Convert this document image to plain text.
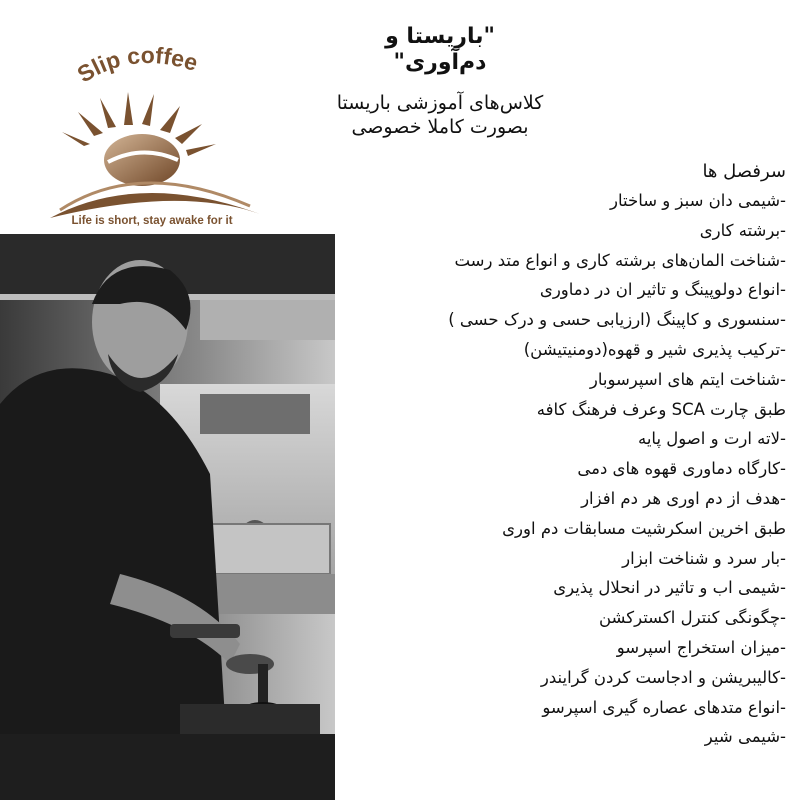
Slip coffee
Life is short, stay awake for it

"باریستا و دم‌آوری"

کلاس‌های آموزشی باریستا

بصورت کاملا خصوصی

سرفصل ها

-شیمی دان سبز و ساختار
-برشته کاری
-شناخت المان‌های برشته کاری و انواع متد رست
-انواع دولوپینگ و تاثیر ان در دماوری
-سنسوری و کاپینگ (ارزیابی حسی و درک حسی )
-ترکیب پذیری شیر و قهوه(دومنیتیشن)
-شناخت ایتم های اسپرسوبار
طبق چارت SCA وعرف فرهنگ کافه
-لاته ارت و اصول پایه
-کارگاه دماوری قهوه های دمی
-هدف از دم اوری هر دم افزار
طبق اخرین اسکرشیت مسابقات دم اوری
-بار سرد و شناخت ابزار
-شیمی اب و تاثیر در انحلال پذیری
-چگونگی کنترل اکسترکشن
-میزان استخراج اسپرسو
-کالیبریشن و ادجاست کردن گرایندر
-انواع متدهای عصاره گیری اسپرسو
-شیمی شیر
